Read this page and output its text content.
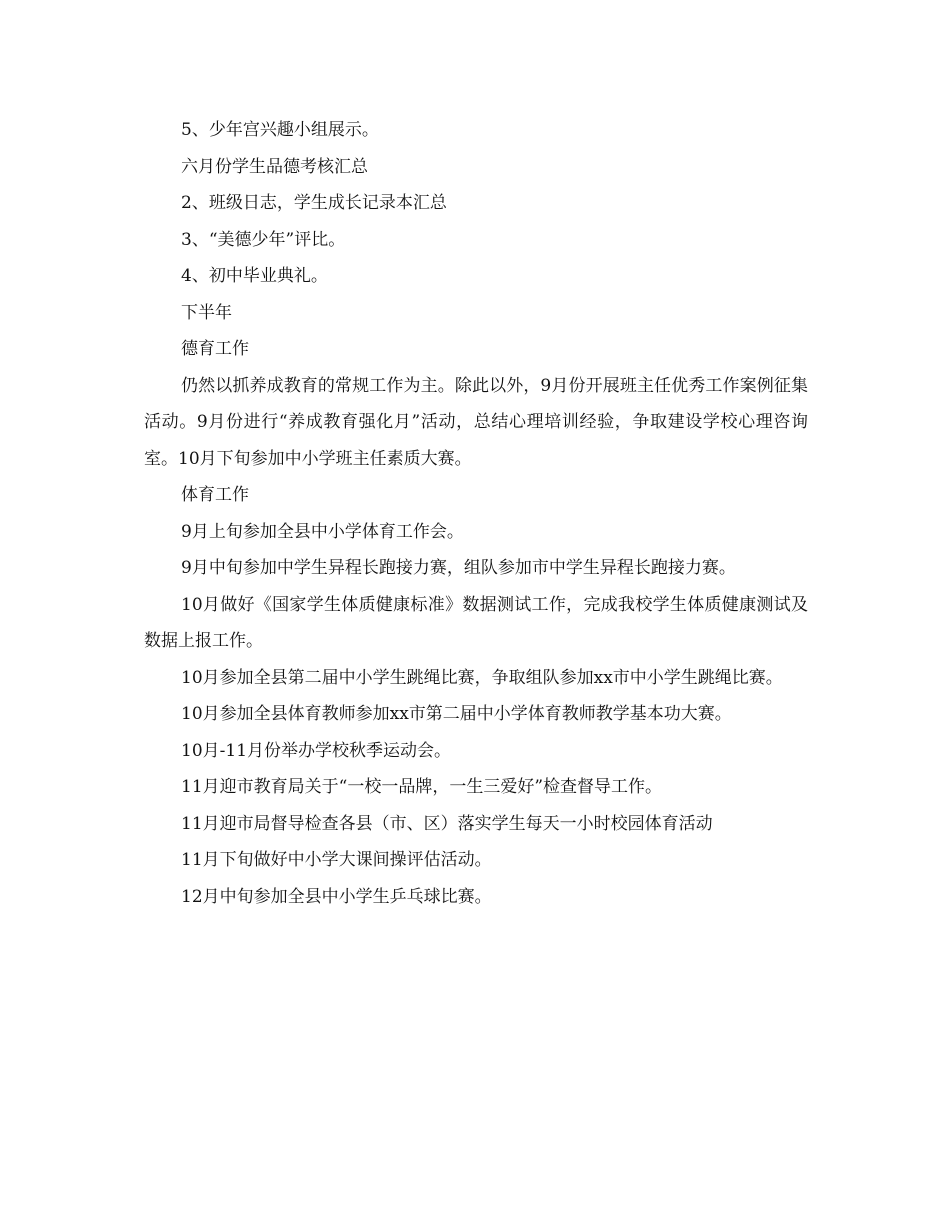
5、少年宫兴趣小组展示。

六月份学生品德考核汇总

2、班级日志，学生成长记录本汇总

3、“美德少年”评比。

4、初中毕业典礼。

下半年

德育工作

仍然以抓养成教育的常规工作为主。除此以外，9月份开展班主任优秀工作案例征集活动。9月份进行“养成教育强化月”活动，总结心理培训经验，争取建设学校心理咨询室。10月下旬参加中小学班主任素质大赛。

体育工作

9月上旬参加全县中小学体育工作会。

9月中旬参加中学生异程长跑接力赛，组队参加市中学生异程长跑接力赛。

10月做好《国家学生体质健康标准》数据测试工作，完成我校学生体质健康测试及数据上报工作。

10月参加全县第二届中小学生跳绳比赛，争取组队参加xx市中小学生跳绳比赛。

10月参加全县体育教师参加xx市第二届中小学体育教师教学基本功大赛。

10月-11月份举办学校秋季运动会。

11月迎市教育局关于“一校一品牌，一生三爱好”检查督导工作。

11月迎市局督导检查各县（市、区）落实学生每天一小时校园体育活动

11月下旬做好中小学大课间操评估活动。

12月中旬参加全县中小学生乒乓球比赛。
